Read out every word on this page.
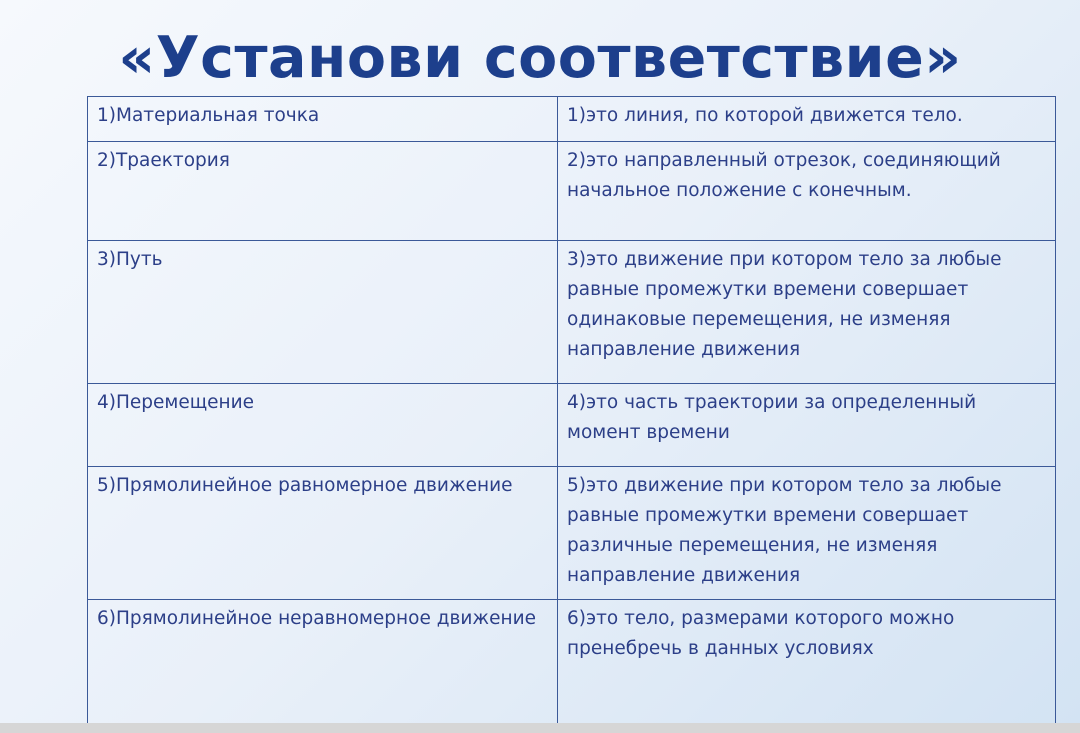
«Установи соответствие»
1)Материальная точка	1)это линия, по которой движется тело.
2)Траектория	2)это направленный отрезок, соединяющий начальное положение с конечным.
3)Путь	3)это движение при котором тело за любые равные промежутки времени совершает одинаковые перемещения, не изменяя направление движения
4)Перемещение	4)это часть траектории за определенный момент времени
5)Прямолинейное равномерное движение	5)это движение при котором тело за любые равные промежутки времени совершает различные перемещения, не изменяя направление движения
6)Прямолинейное неравномерное движение	6)это тело, размерами которого можно пренебречь в данных условиях
